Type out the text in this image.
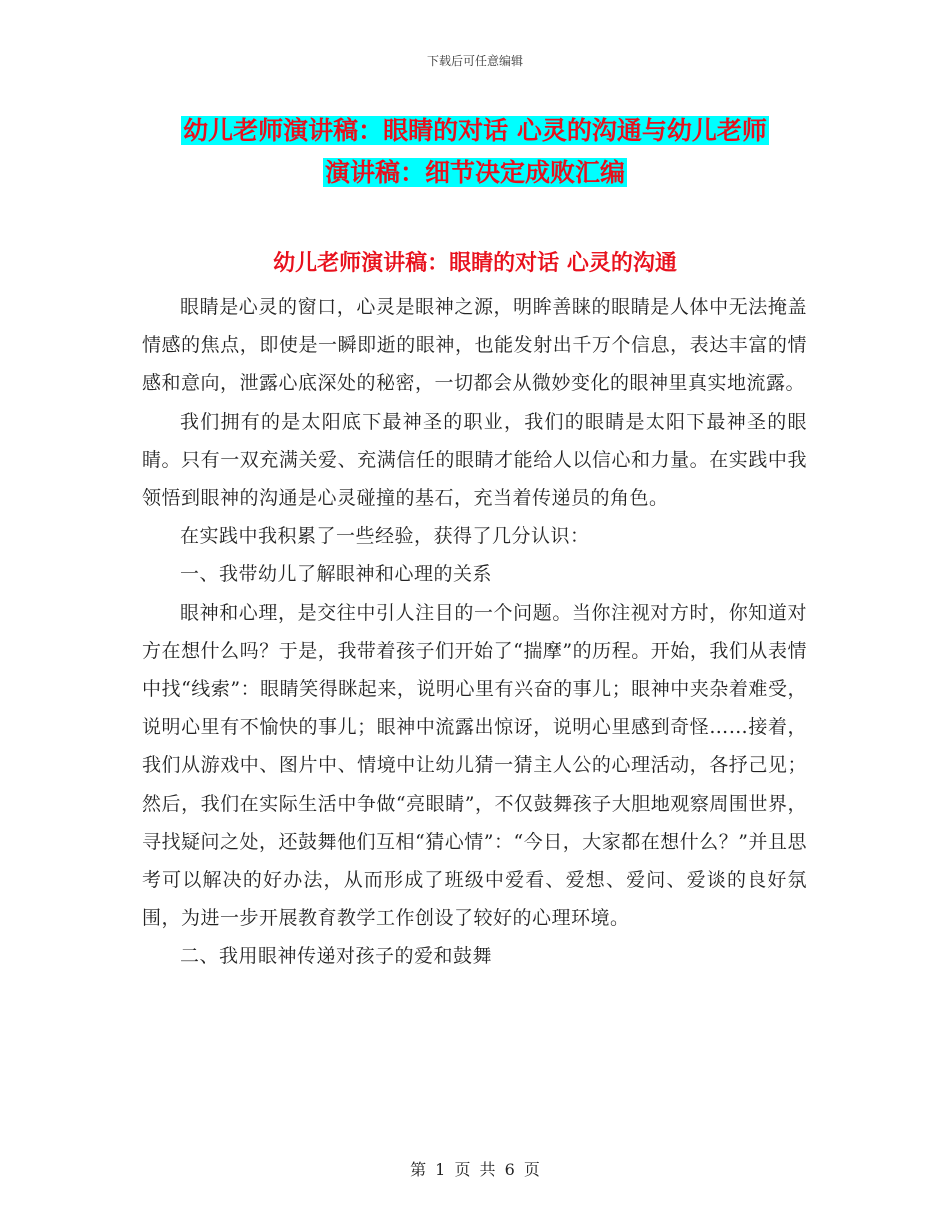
下载后可任意编辑
幼儿老师演讲稿：眼睛的对话 心灵的沟通与幼儿老师
演讲稿：细节决定成败汇编
幼儿老师演讲稿：眼睛的对话 心灵的沟通

眼睛是心灵的窗口，心灵是眼神之源，明眸善睐的眼睛是人体中无法掩盖情感的焦点，即使是一瞬即逝的眼神，也能发射出千万个信息，表达丰富的情感和意向，泄露心底深处的秘密，一切都会从微妙变化的眼神里真实地流露。

我们拥有的是太阳底下最神圣的职业，我们的眼睛是太阳下最神圣的眼睛。只有一双充满关爱、充满信任的眼睛才能给人以信心和力量。在实践中我领悟到眼神的沟通是心灵碰撞的基石，充当着传递员的角色。

在实践中我积累了一些经验，获得了几分认识：

一、我带幼儿了解眼神和心理的关系

眼神和心理，是交往中引人注目的一个问题。当你注视对方时，你知道对方在想什么吗？于是，我带着孩子们开始了“揣摩”的历程。开始，我们从表情中找“线索”：眼睛笑得眯起来，说明心里有兴奋的事儿；眼神中夹杂着难受，说明心里有不愉快的事儿；眼神中流露出惊讶，说明心里感到奇怪……接着，我们从游戏中、图片中、情境中让幼儿猜一猜主人公的心理活动，各抒己见；然后，我们在实际生活中争做“亮眼睛”，不仅鼓舞孩子大胆地观察周围世界，寻找疑问之处，还鼓舞他们互相“猜心情”：“今日，大家都在想什么？”并且思考可以解决的好办法，从而形成了班级中爱看、爱想、爱问、爱谈的良好氛围，为进一步开展教育教学工作创设了较好的心理环境。

二、我用眼神传递对孩子的爱和鼓舞

第 1 页 共 6 页
